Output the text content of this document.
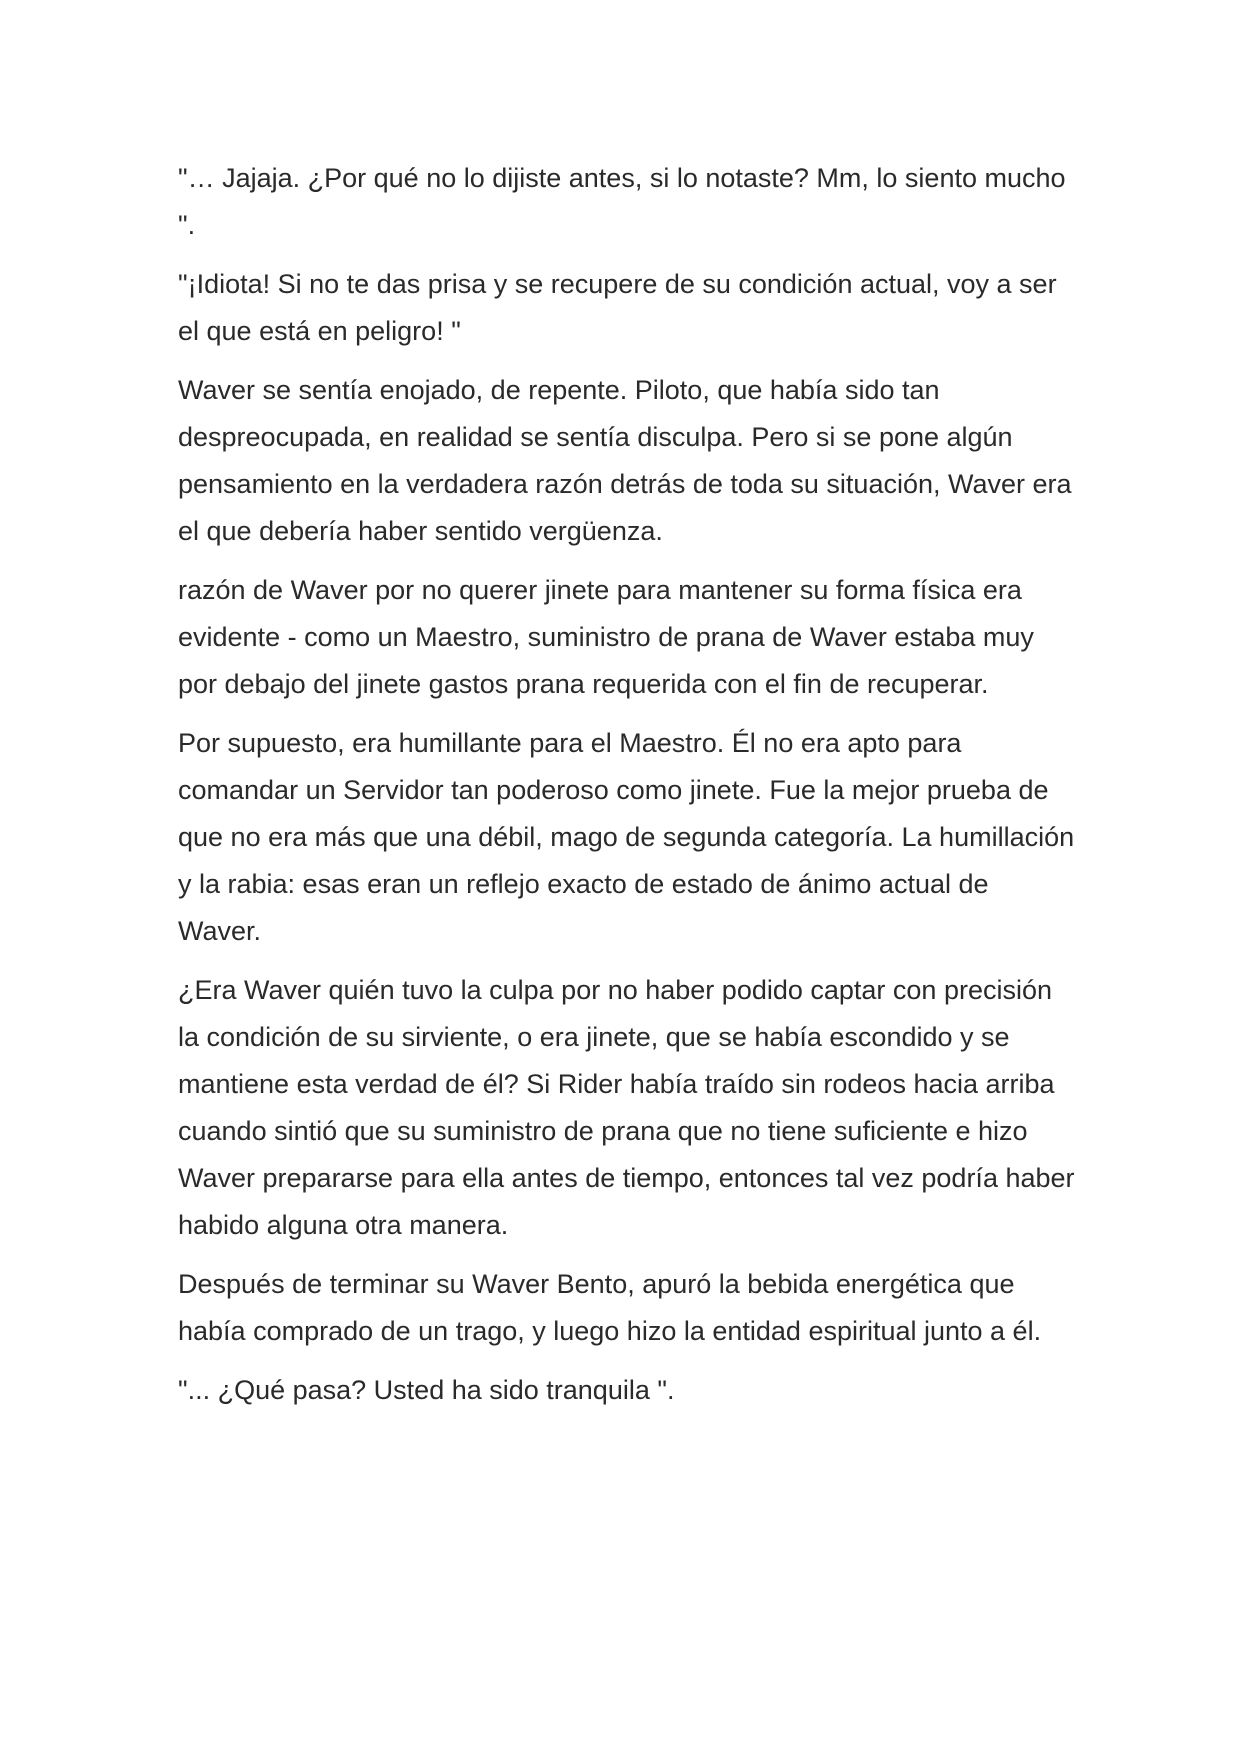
"… Jajaja. ¿Por qué no lo dijiste antes, si lo notaste? Mm, lo siento mucho ".

"¡Idiota! Si no te das prisa y se recupere de su condición actual, voy a ser el que está en peligro! "

Waver se sentía enojado, de repente. Piloto, que había sido tan despreocupada, en realidad se sentía disculpa. Pero si se pone algún pensamiento en la verdadera razón detrás de toda su situación, Waver era el que debería haber sentido vergüenza.

razón de Waver por no querer jinete para mantener su forma física era evidente - como un Maestro, suministro de prana de Waver estaba muy por debajo del jinete gastos prana requerida con el fin de recuperar.

Por supuesto, era humillante para el Maestro. Él no era apto para comandar un Servidor tan poderoso como jinete. Fue la mejor prueba de que no era más que una débil, mago de segunda categoría. La humillación y la rabia: esas eran un reflejo exacto de estado de ánimo actual de Waver.

¿Era Waver quién tuvo la culpa por no haber podido captar con precisión la condición de su sirviente, o era jinete, que se había escondido y se mantiene esta verdad de él? Si Rider había traído sin rodeos hacia arriba cuando sintió que su suministro de prana que no tiene suficiente e hizo Waver prepararse para ella antes de tiempo, entonces tal vez podría haber habido alguna otra manera.

Después de terminar su Waver Bento, apuró la bebida energética que había comprado de un trago, y luego hizo la entidad espiritual junto a él.

"... ¿Qué pasa? Usted ha sido tranquila ".
